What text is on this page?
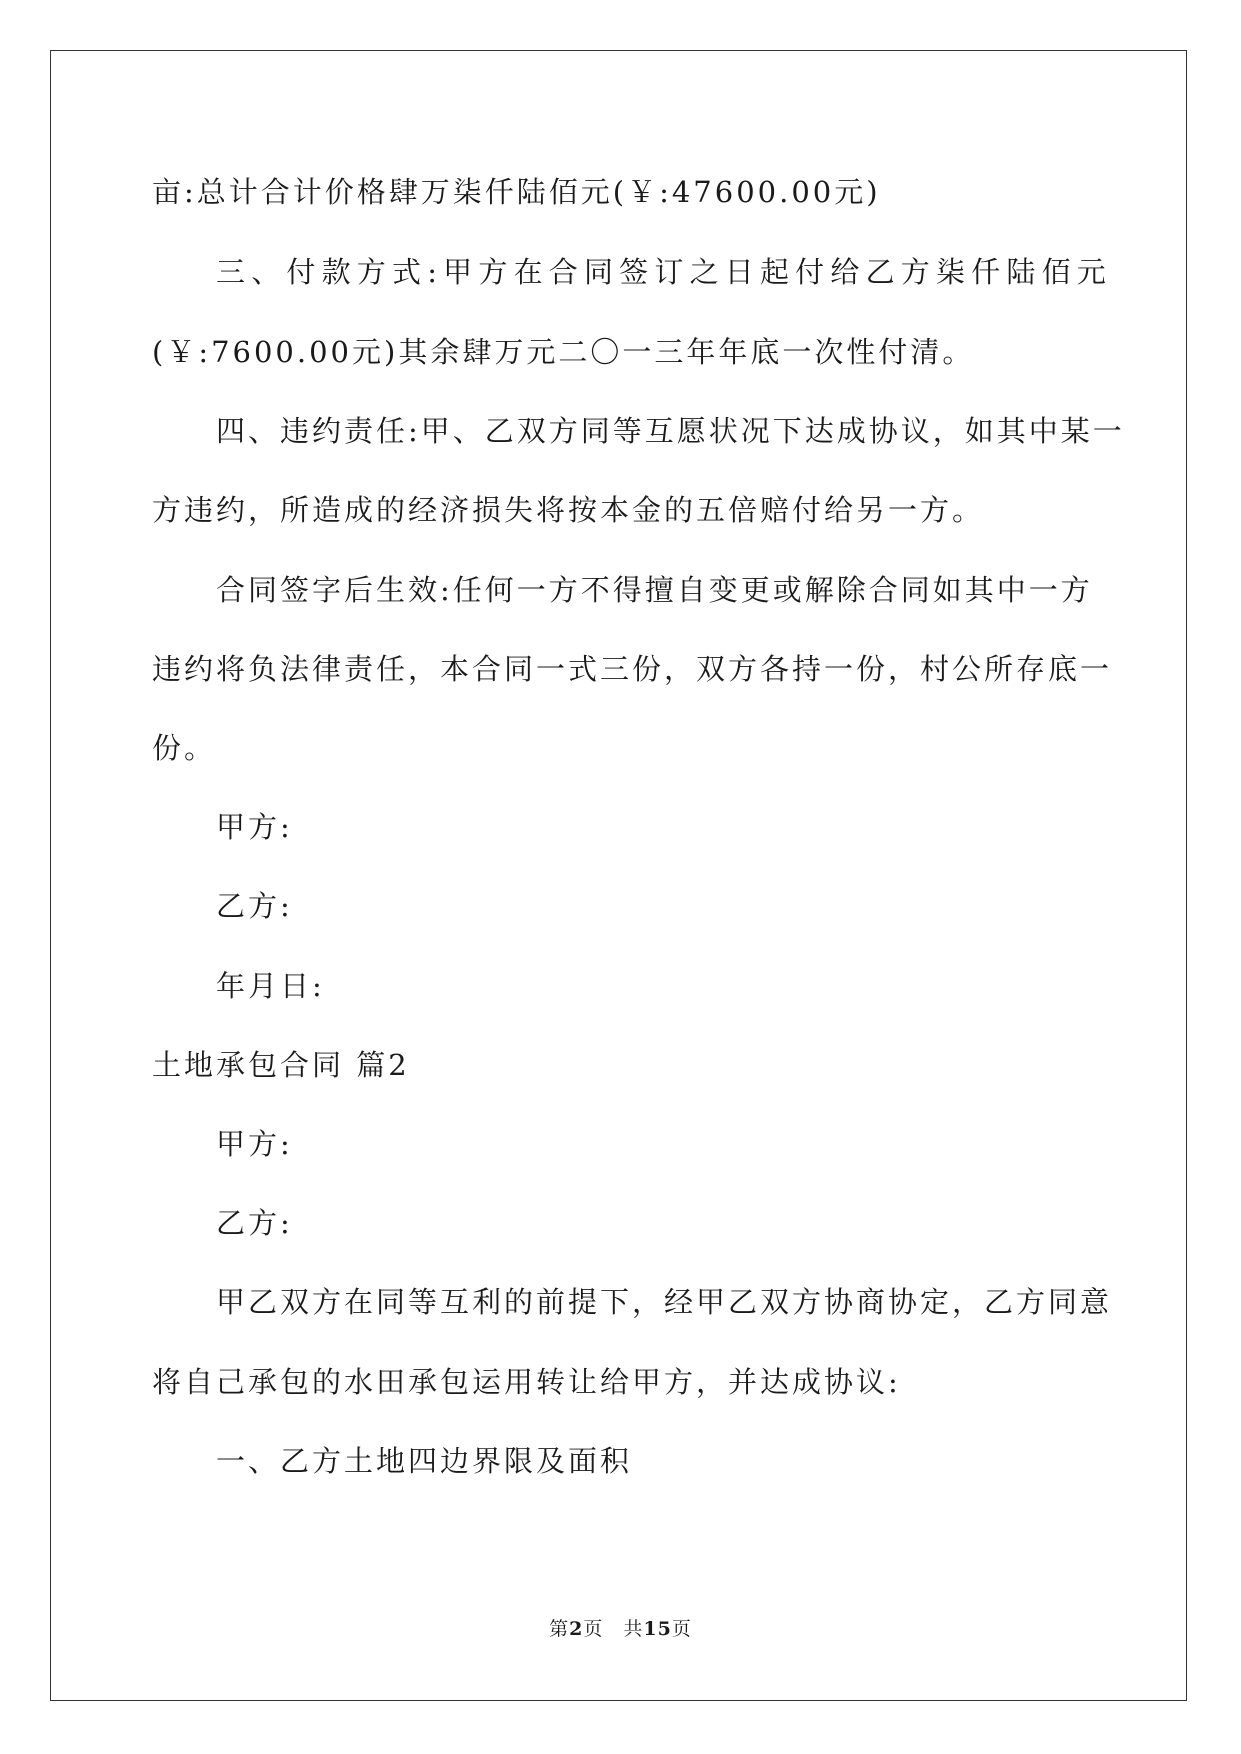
亩:总计合计价格肆万柒仟陆佰元(￥:47600.00元)
三、付款方式:甲方在合同签订之日起付给乙方柒仟陆佰元
(￥:7600.00元)其余肆万元二〇一三年年底一次性付清。
四、违约责任:甲、乙双方同等互愿状况下达成协议，如其中某一
方违约，所造成的经济损失将按本金的五倍赔付给另一方。
合同签字后生效:任何一方不得擅自变更或解除合同如其中一方
违约将负法律责任，本合同一式三份，双方各持一份，村公所存底一
份。
甲方:
乙方:
年月日:
土地承包合同 篇2
甲方:
乙方:
甲乙双方在同等互利的前提下，经甲乙双方协商协定，乙方同意
将自己承包的水田承包运用转让给甲方，并达成协议:
一、乙方土地四边界限及面积
第2页　共15页
